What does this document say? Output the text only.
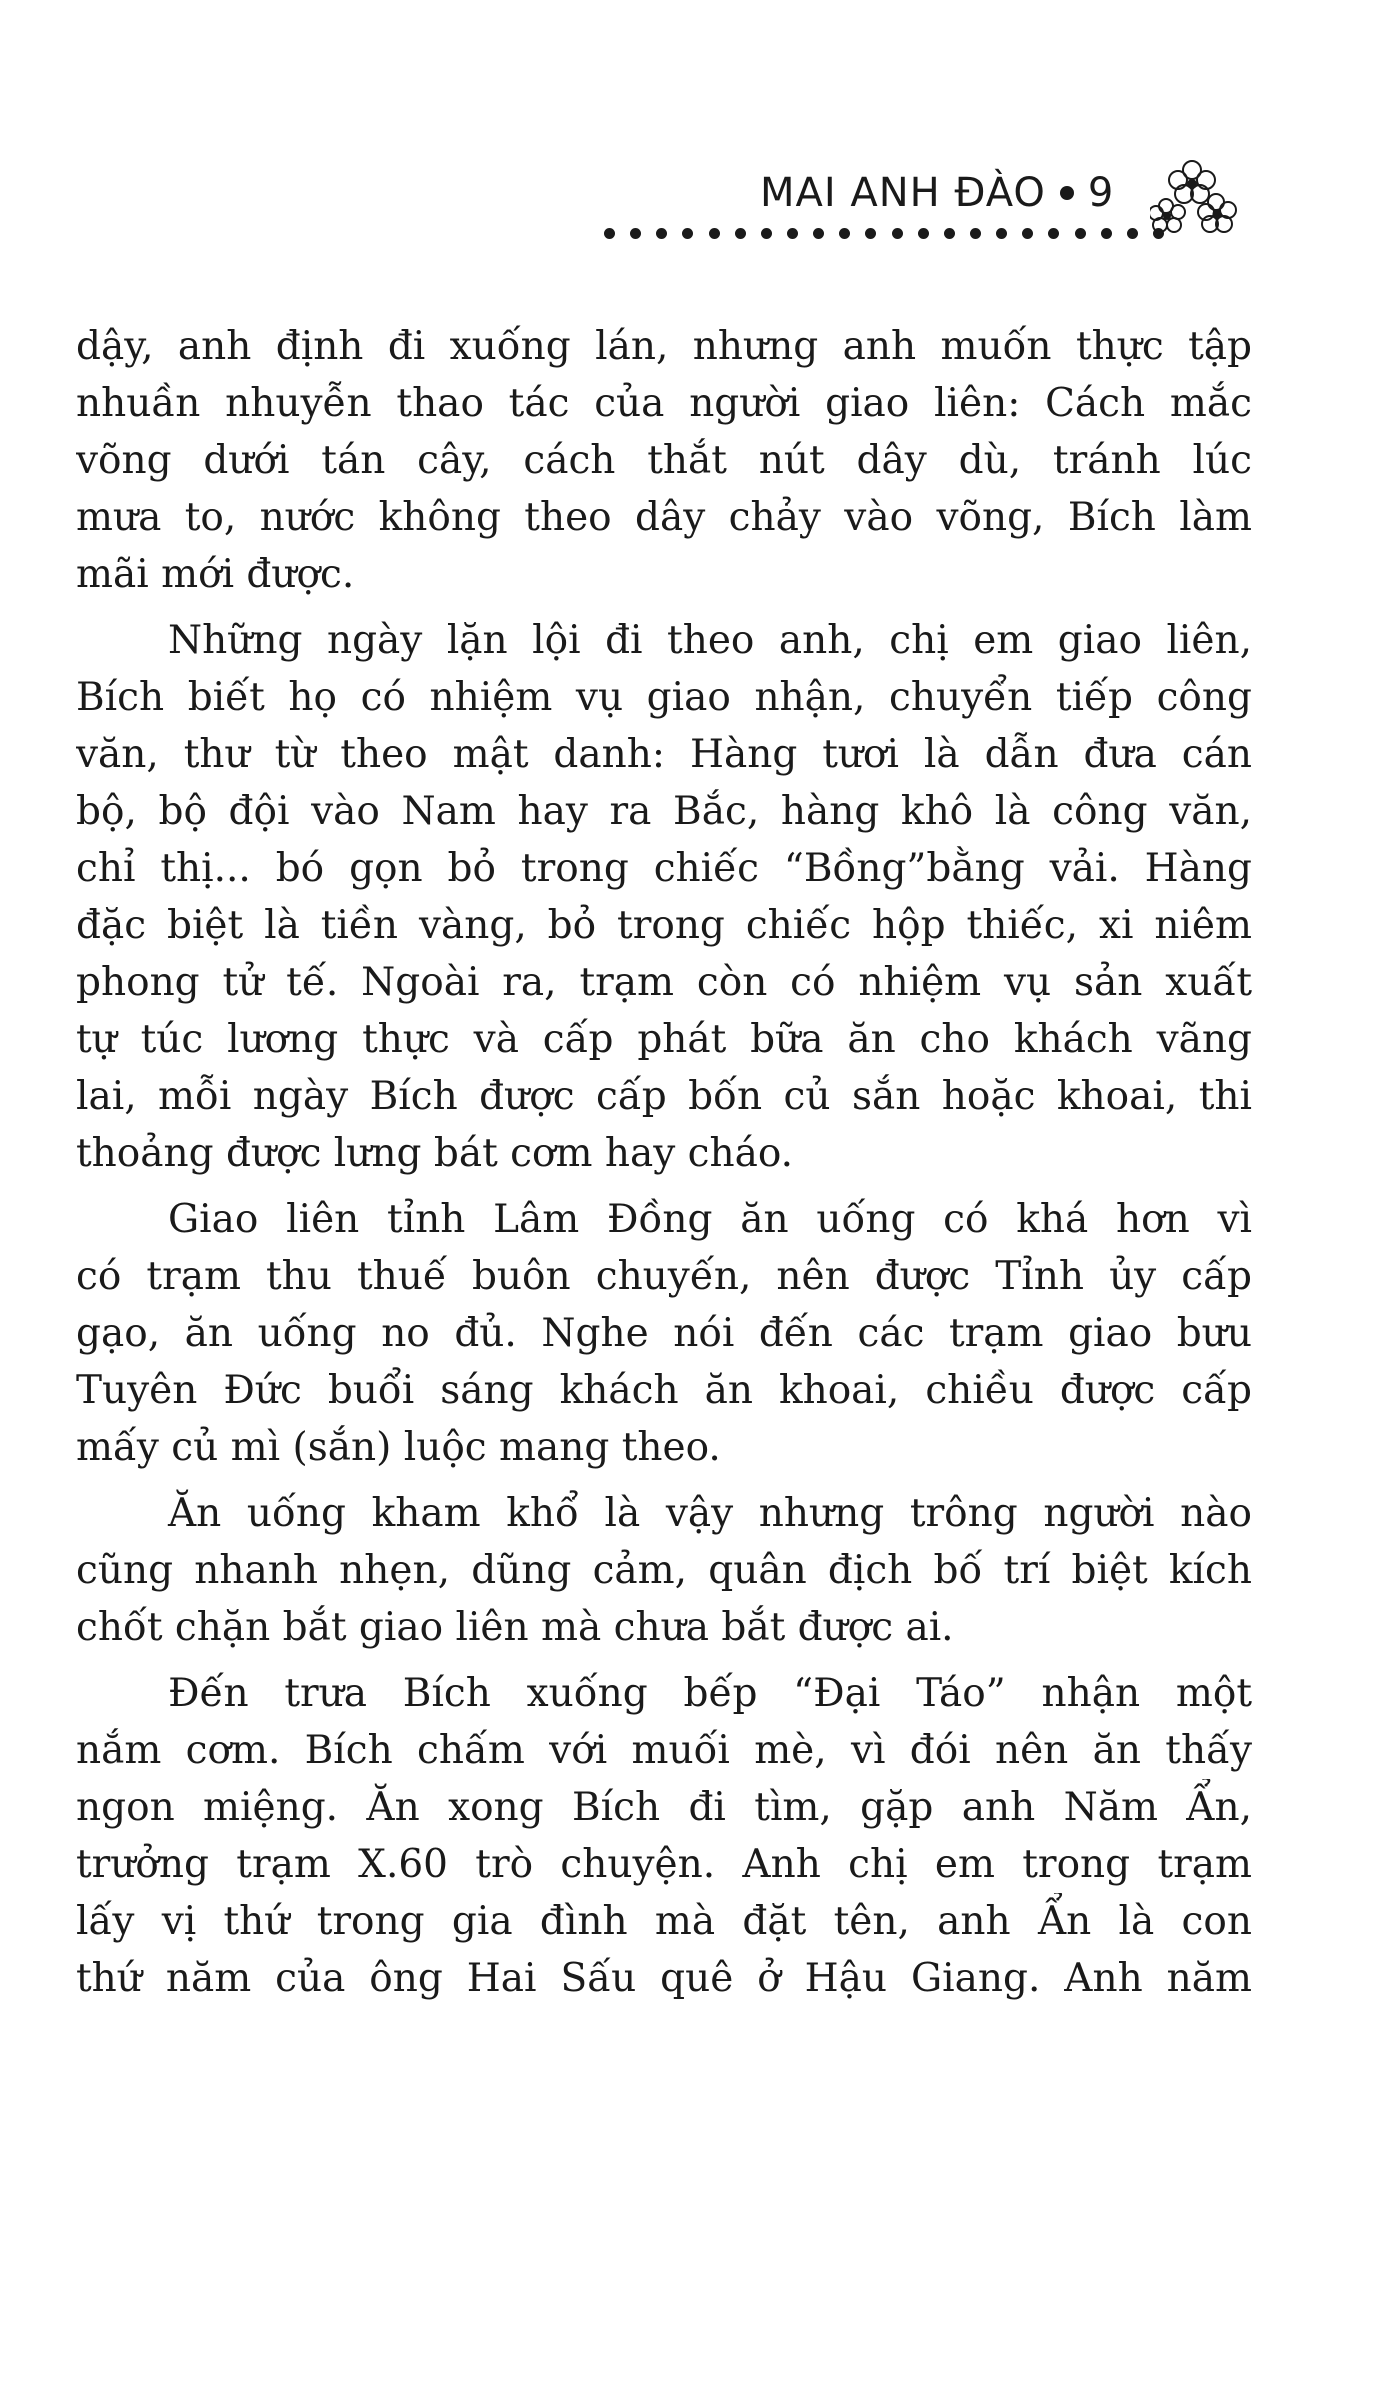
MAI ANH ĐÀO 9
dậy, anh định đi xuống lán, nhưng anh muốn thực tập
nhuần nhuyễn thao tác của người giao liên: Cách mắc
võng dưới tán cây, cách thắt nút dây dù, tránh lúc
mưa to, nước không theo dây chảy vào võng, Bích làm
mãi mới được.
Những ngày lặn lội đi theo anh, chị em giao liên,
Bích biết họ có nhiệm vụ giao nhận, chuyển tiếp công
văn, thư từ theo mật danh: Hàng tươi là dẫn đưa cán
bộ, bộ đội vào Nam hay ra Bắc, hàng khô là công văn,
chỉ thị... bó gọn bỏ trong chiếc “Bồng”bằng vải. Hàng
đặc biệt là tiền vàng, bỏ trong chiếc hộp thiếc, xi niêm
phong tử tế. Ngoài ra, trạm còn có nhiệm vụ sản xuất
tự túc lương thực và cấp phát bữa ăn cho khách vãng
lai, mỗi ngày Bích được cấp bốn củ sắn hoặc khoai, thi
thoảng được lưng bát cơm hay cháo.
Giao liên tỉnh Lâm Đồng ăn uống có khá hơn vì
có trạm thu thuế buôn chuyến, nên được Tỉnh ủy cấp
gạo, ăn uống no đủ. Nghe nói đến các trạm giao bưu
Tuyên Đức buổi sáng khách ăn khoai, chiều được cấp
mấy củ mì (sắn) luộc mang theo.
Ăn uống kham khổ là vậy nhưng trông người nào
cũng nhanh nhẹn, dũng cảm, quân địch bố trí biệt kích
chốt chặn bắt giao liên mà chưa bắt được ai.
Đến trưa Bích xuống bếp “Đại Táo” nhận một
nắm cơm. Bích chấm với muối mè, vì đói nên ăn thấy
ngon miệng. Ăn xong Bích đi tìm, gặp anh Năm Ẩn,
trưởng trạm X.60 trò chuyện. Anh chị em trong trạm
lấy vị thứ trong gia đình mà đặt tên, anh Ẩn là con
thứ năm của ông Hai Sấu quê ở Hậu Giang. Anh năm
